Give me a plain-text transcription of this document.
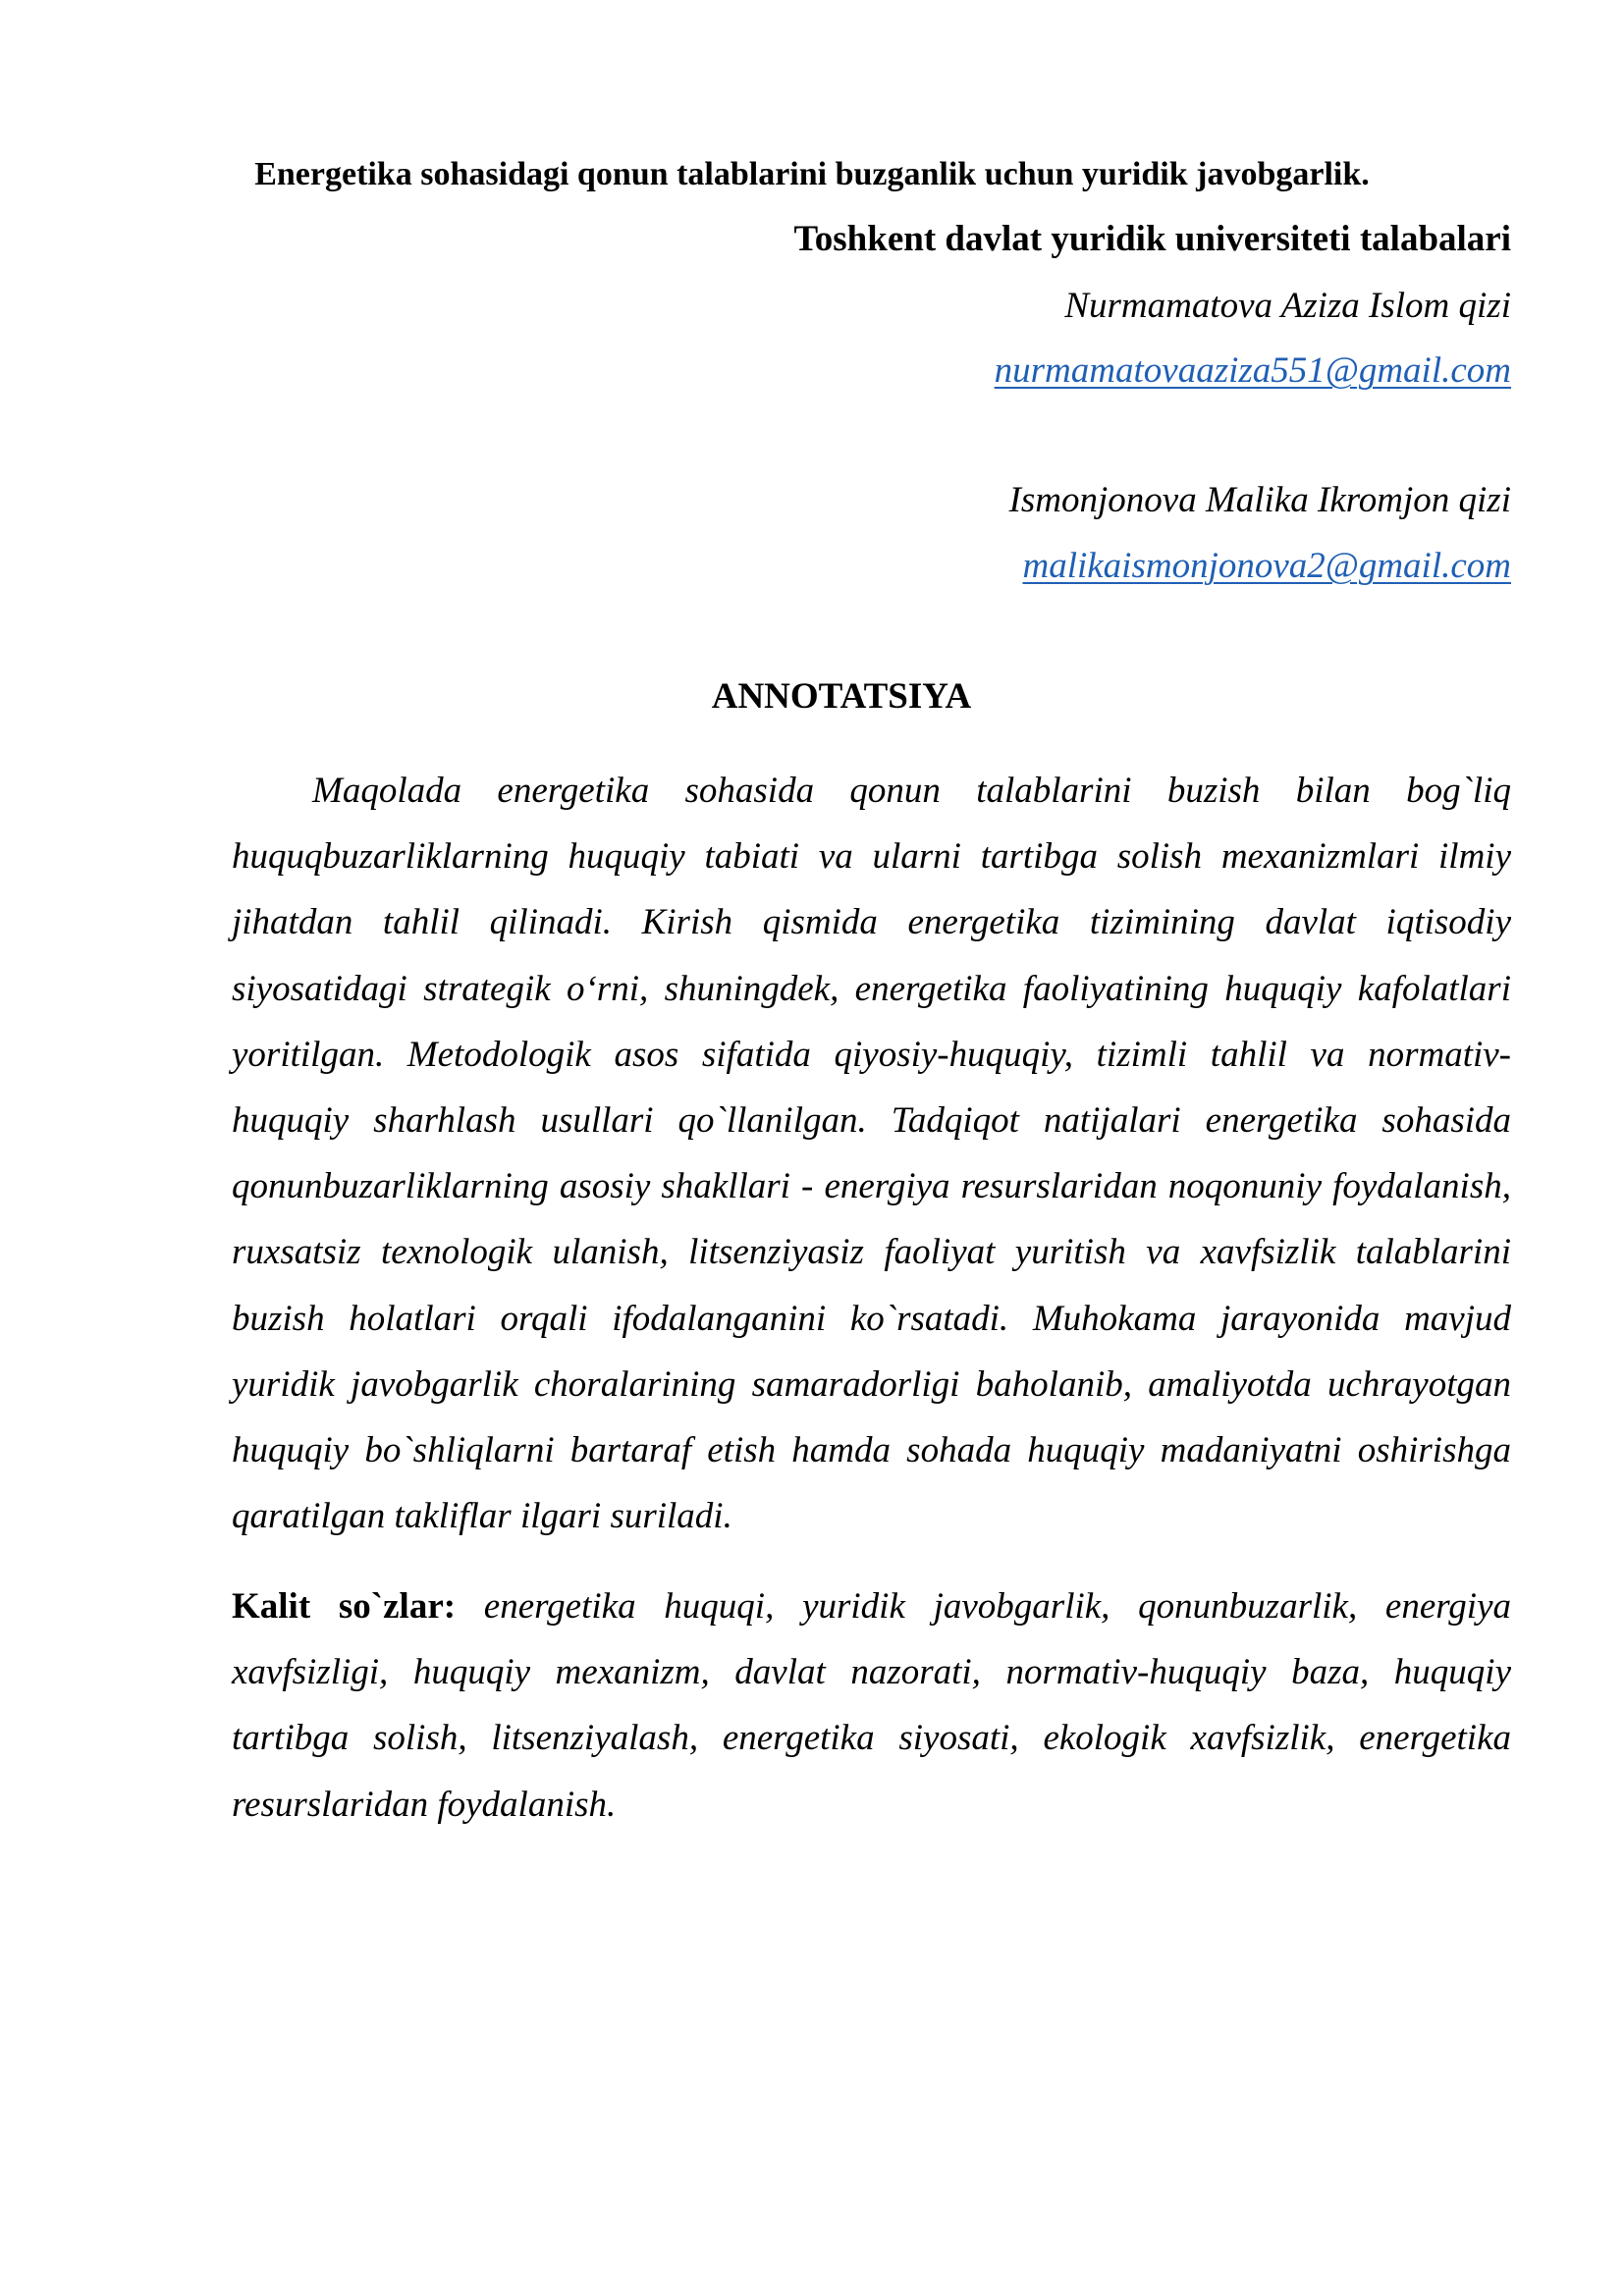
Energetika sohasidagi qonun talablarini buzganlik uchun yuridik javobgarlik.
Toshkent davlat yuridik universiteti talabalari
Nurmamatova Aziza Islom qizi
nurmamatovaaziza551@gmail.com
Ismonjonova Malika Ikromjon qizi
malikaismonjonova2@gmail.com
ANNOTATSIYA

Maqolada energetika sohasida qonun talablarini buzish bilan bog`liq huquqbuzarliklarning huquqiy tabiati va ularni tartibga solish mexanizmlari ilmiy jihatdan tahlil qilinadi. Kirish qismida energetika tizimining davlat iqtisodiy siyosatidagi strategik o‘rni, shuningdek, energetika faoliyatining huquqiy kafolatlari yoritilgan. Metodologik asos sifatida qiyosiy-huquqiy, tizimli tahlil va normativ-huquqiy sharhlash usullari qo`llanilgan. Tadqiqot natijalari energetika sohasida qonunbuzarliklarning asosiy shakllari - energiya resurslaridan noqonuniy foydalanish, ruxsatsiz texnologik ulanish, litsenziyasiz faoliyat yuritish va xavfsizlik talablarini buzish holatlari orqali ifodalanganini ko`rsatadi. Muhokama jarayonida mavjud yuridik javobgarlik choralarining samaradorligi baholanib, amaliyotda uchrayotgan huquqiy bo`shliqlarni bartaraf etish hamda sohada huquqiy madaniyatni oshirishga qaratilgan takliflar ilgari suriladi.

Kalit so`zlar: energetika huquqi, yuridik javobgarlik, qonunbuzarlik, energiya xavfsizligi, huquqiy mexanizm, davlat nazorati, normativ-huquqiy baza, huquqiy tartibga solish, litsenziyalash, energetika siyosati, ekologik xavfsizlik, energetika resurslaridan foydalanish.
